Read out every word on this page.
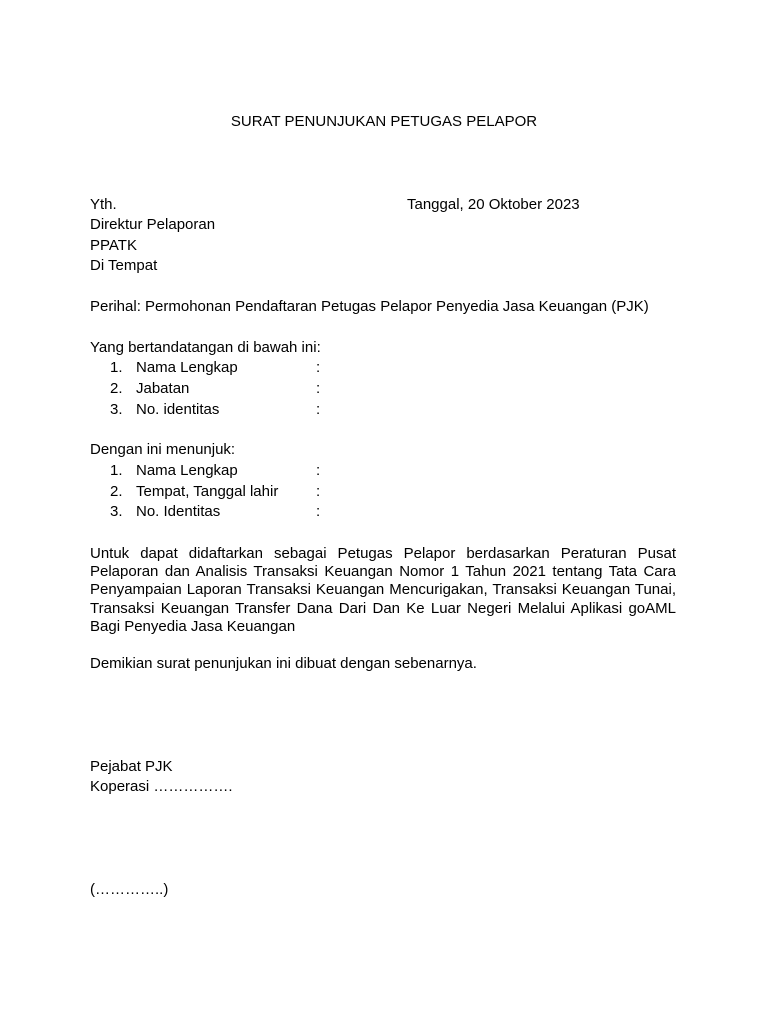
SURAT PENUNJUKAN PETUGAS PELAPOR
Yth.	Tanggal, 20 Oktober 2023
Direktur Pelaporan
PPATK
Di Tempat
Perihal: Permohonan Pendaftaran Petugas Pelapor Penyedia Jasa Keuangan (PJK)
Yang bertandatangan di bawah ini:
1. Nama Lengkap	:
2. Jabatan	:
3. No. identitas	:
Dengan ini menunjuk:
1. Nama Lengkap	:
2. Tempat, Tanggal lahir	:
3. No. Identitas	:
Untuk dapat didaftarkan sebagai Petugas Pelapor berdasarkan Peraturan Pusat Pelaporan dan Analisis Transaksi Keuangan Nomor 1 Tahun 2021 tentang Tata Cara Penyampaian Laporan Transaksi Keuangan Mencurigakan, Transaksi Keuangan Tunai, Transaksi Keuangan Transfer Dana Dari Dan Ke Luar Negeri Melalui Aplikasi goAML Bagi Penyedia Jasa Keuangan
Demikian surat penunjukan ini dibuat dengan sebenarnya.
Pejabat PJK
Koperasi …………….
(…………..)
